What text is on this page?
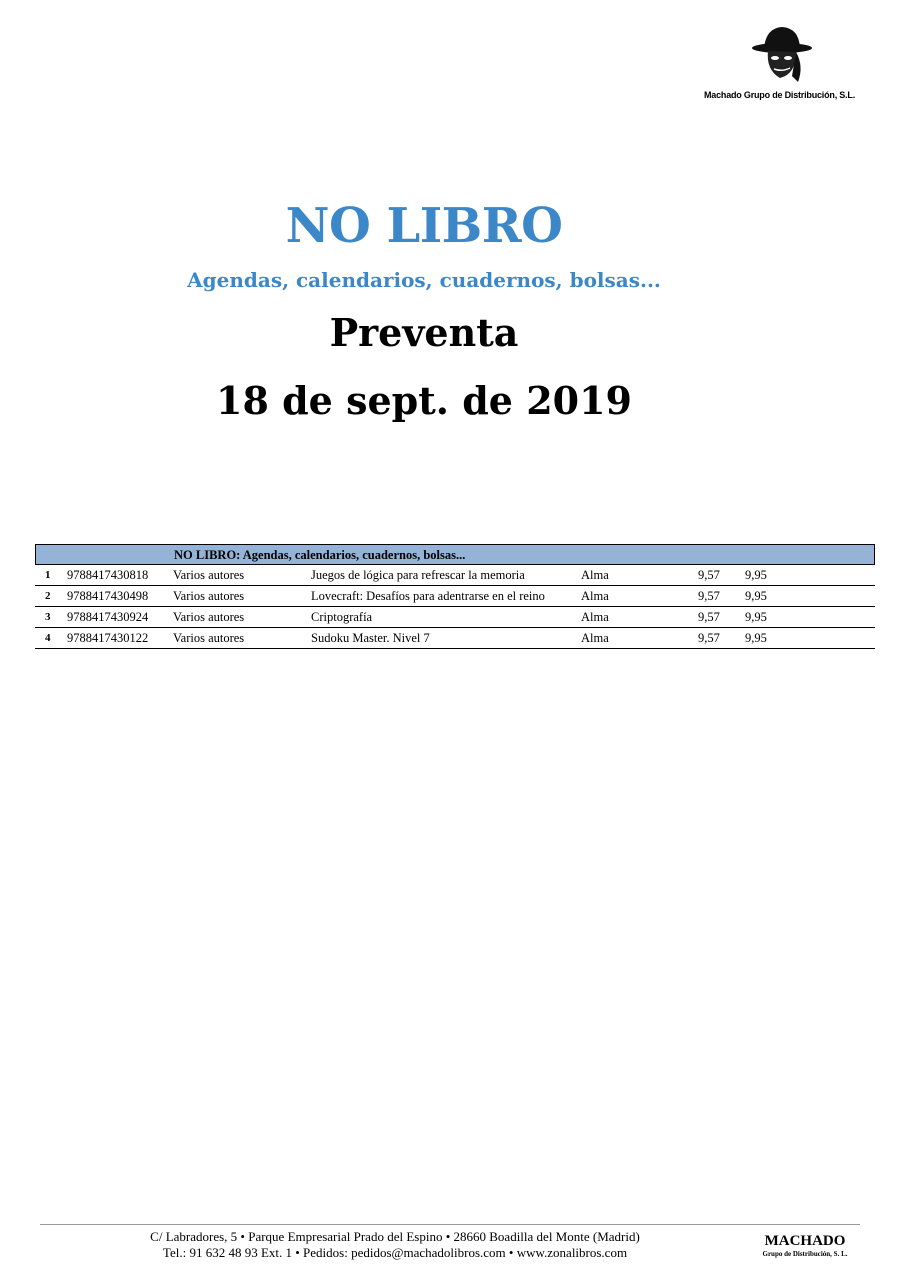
Machado Grupo de Distribución, S.L.
NO LIBRO
Agendas, calendarios, cuadernos, bolsas...
Preventa
18 de sept. de 2019
NO LIBRO: Agendas, calendarios, cuadernos, bolsas...
1 9788417430818 Varios autores	Juegos de lógica para refrescar la memoria	Alma	9,57 9,95
2 9788417430498 Varios autores	Lovecraft: Desafíos para adentrarse en el reino	Alma	9,57 9,95
3 9788417430924 Varios autores	Criptografía	Alma	9,57 9,95
4 9788417430122 Varios autores	Sudoku Master. Nivel 7	Alma	9,57 9,95
C/ Labradores, 5 • Parque Empresarial Prado del Espino • 28660 Boadilla del Monte (Madrid)
Tel.: 91 632 48 93 Ext. 1 • Pedidos: pedidos@machadolibros.com • www.zonalibros.com
MACHADO
Grupo de Distribución, S. L.
